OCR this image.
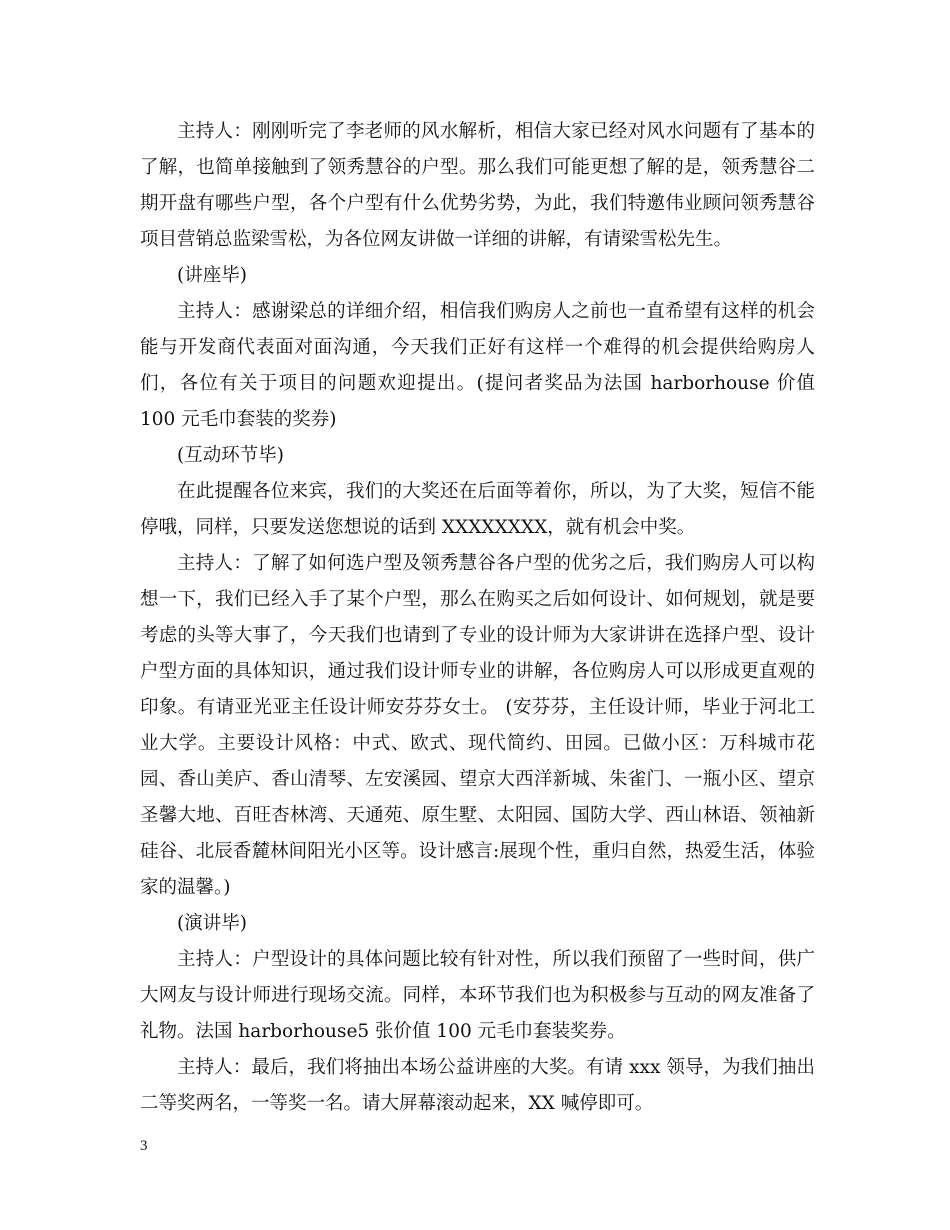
主持人：刚刚听完了李老师的风水解析，相信大家已经对风水问题有了基本的了解，也简单接触到了领秀慧谷的户型。那么我们可能更想了解的是，领秀慧谷二期开盘有哪些户型，各个户型有什么优势劣势，为此，我们特邀伟业顾问领秀慧谷项目营销总监梁雪松，为各位网友讲做一详细的讲解，有请梁雪松先生。

(讲座毕)

主持人：感谢梁总的详细介绍，相信我们购房人之前也一直希望有这样的机会能与开发商代表面对面沟通，今天我们正好有这样一个难得的机会提供给购房人们，各位有关于项目的问题欢迎提出。(提问者奖品为法国 harborhouse 价值 100 元毛巾套装的奖券)

(互动环节毕)

在此提醒各位来宾，我们的大奖还在后面等着你，所以，为了大奖，短信不能停哦，同样，只要发送您想说的话到 XXXXXXXX，就有机会中奖。

主持人：了解了如何选户型及领秀慧谷各户型的优劣之后，我们购房人可以构想一下，我们已经入手了某个户型，那么在购买之后如何设计、如何规划，就是要考虑的头等大事了，今天我们也请到了专业的设计师为大家讲讲在选择户型、设计户型方面的具体知识，通过我们设计师专业的讲解，各位购房人可以形成更直观的印象。有请亚光亚主任设计师安芬芬女士。 (安芬芬，主任设计师，毕业于河北工业大学。主要设计风格：中式、欧式、现代简约、田园。已做小区：万科城市花园、香山美庐、香山清琴、左安溪园、望京大西洋新城、朱雀门、一瓶小区、望京圣馨大地、百旺杏林湾、天通苑、原生墅、太阳园、国防大学、西山林语、领袖新硅谷、北辰香麓林间阳光小区等。设计感言:展现个性，重归自然，热爱生活，体验家的温馨。)

(演讲毕)

主持人：户型设计的具体问题比较有针对性，所以我们预留了一些时间，供广大网友与设计师进行现场交流。同样，本环节我们也为积极参与互动的网友准备了礼物。法国 harborhouse5 张价值 100 元毛巾套装奖券。

主持人：最后，我们将抽出本场公益讲座的大奖。有请 xxx 领导，为我们抽出二等奖两名，一等奖一名。请大屏幕滚动起来，XX 喊停即可。

3
